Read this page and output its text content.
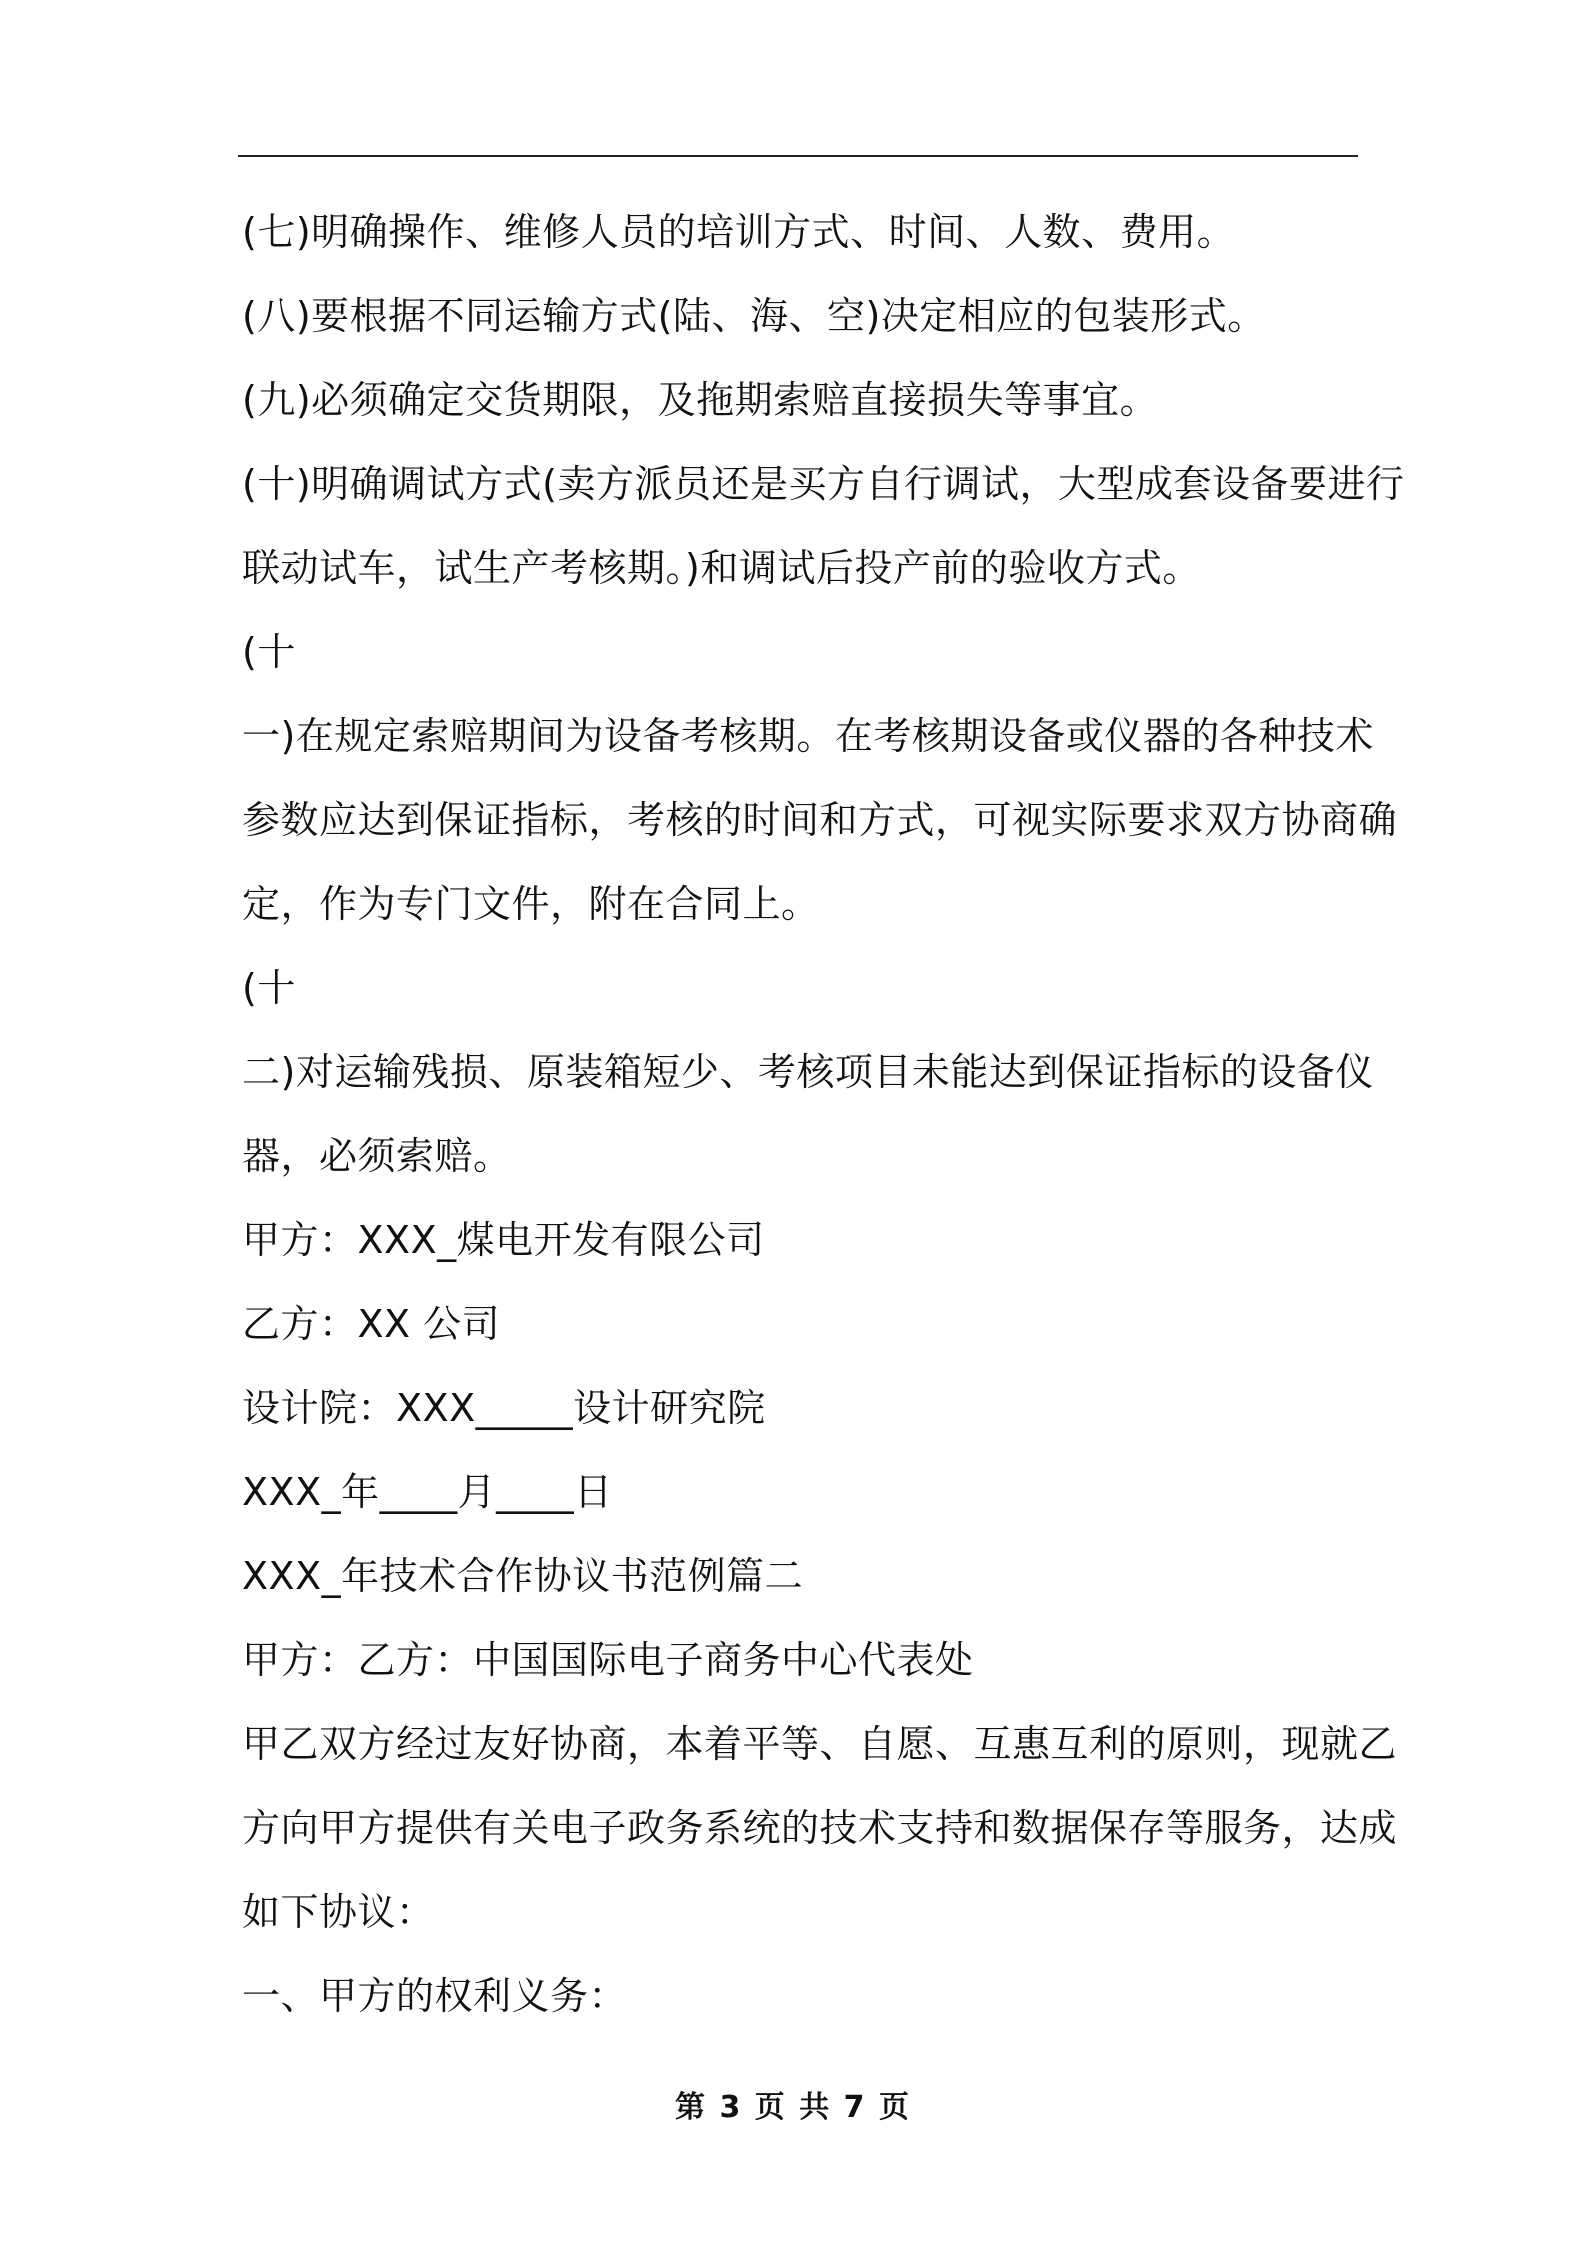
(七)明确操作、维修人员的培训方式、时间、人数、费用。
(八)要根据不同运输方式(陆、海、空)决定相应的包装形式。
(九)必须确定交货期限，及拖期索赔直接损失等事宜。
(十)明确调试方式(卖方派员还是买方自行调试，大型成套设备要进行
联动试车，试生产考核期。)和调试后投产前的验收方式。
(十
一)在规定索赔期间为设备考核期。在考核期设备或仪器的各种技术
参数应达到保证指标，考核的时间和方式，可视实际要求双方协商确
定，作为专门文件，附在合同上。
(十
二)对运输残损、原装箱短少、考核项目未能达到保证指标的设备仪
器，必须索赔。
甲方：XXX_煤电开发有限公司
乙方：XX 公司
设计院：XXX_____设计研究院
XXX_年____月____日
XXX_年技术合作协议书范例篇二
甲方：乙方：中国国际电子商务中心代表处
甲乙双方经过友好协商，本着平等、自愿、互惠互利的原则，现就乙
方向甲方提供有关电子政务系统的技术支持和数据保存等服务，达成
如下协议：
一、甲方的权利义务：
第 3 页 共 7 页
